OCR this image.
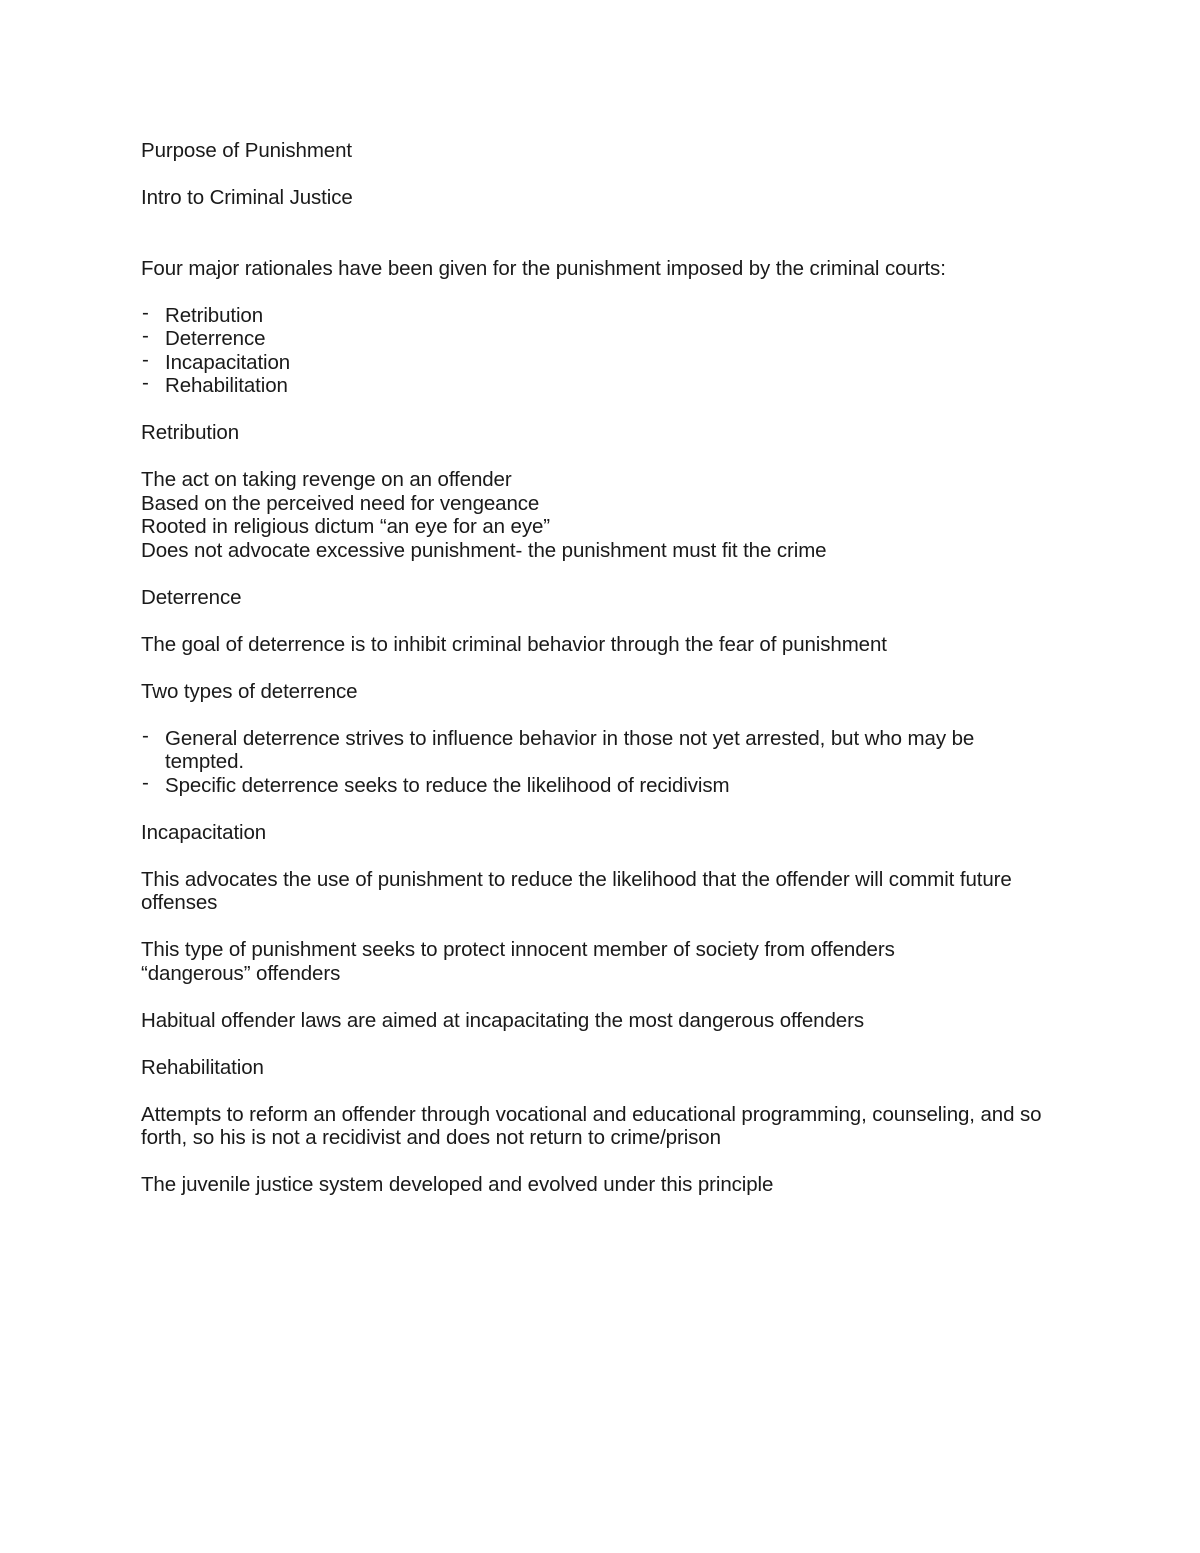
Purpose of Punishment

Intro to Criminal Justice

Four major rationales have been given for the punishment imposed by the criminal courts:

- Retribution
- Deterrence
- Incapacitation
- Rehabilitation

Retribution

The act on taking revenge on an offender

Based on the perceived need for vengeance

Rooted in religious dictum “an eye for an eye”

Does not advocate excessive punishment- the punishment must fit the crime

Deterrence

The goal of deterrence is to inhibit criminal behavior through the fear of punishment

Two types of deterrence

- General deterrence strives to influence behavior in those not yet arrested, but who may be tempted.
- Specific deterrence seeks to reduce the likelihood of recidivism

Incapacitation

This advocates the use of punishment to reduce the likelihood that the offender will commit future offenses

This type of punishment seeks to protect innocent member of society from offenders “dangerous” offenders

Habitual offender laws are aimed at incapacitating the most dangerous offenders

Rehabilitation

Attempts to reform an offender through vocational and educational programming, counseling, and so forth, so his is not a recidivist and does not return to crime/prison

The juvenile justice system developed and evolved under this principle
